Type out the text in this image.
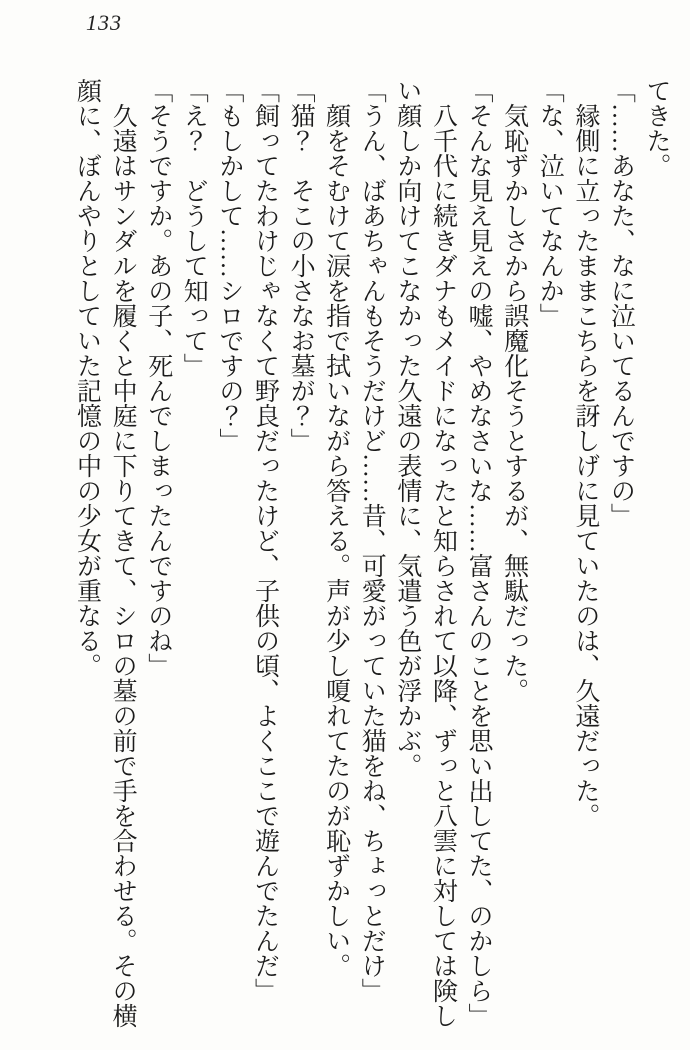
133

てきた。

「……あなた、なに泣いてるんですの」

縁側に立ったままこちらを訝しげに見ていたのは、久遠だった。

「な、泣いてなんか」

気恥ずかしさから誤魔化そうとするが、無駄だった。

「そんな見え見えの嘘、やめなさいな……富さんのことを思い出してた、のかしら」

八千代に続きダナもメイドになったと知らされて以降、ずっと八雲に対しては険し

い顔しか向けてこなかった久遠の表情に、気遣う色が浮かぶ。

「うん、ばあちゃんもそうだけど……昔、可愛がっていた猫をね、ちょっとだけ」

顔をそむけて涙を指で拭いながら答える。声が少し嗄れてたのが恥ずかしい。

「猫？　そこの小さなお墓が？」

「飼ってたわけじゃなくて野良だったけど、子供の頃、よくここで遊んでたんだ」

「もしかして……シロですの？」

「え？　どうして知って」

「そうですか。あの子、死んでしまったんですのね」

久遠はサンダルを履くと中庭に下りてきて、シロの墓の前で手を合わせる。その横

顔に、ぼんやりとしていた記憶の中の少女が重なる。
